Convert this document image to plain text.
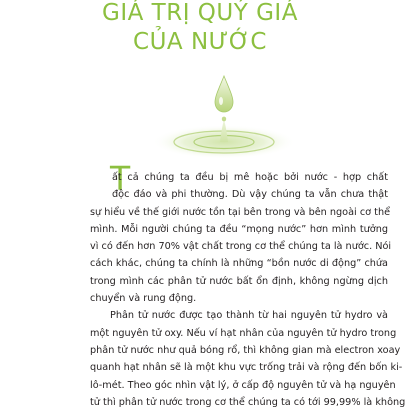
GIÁ TRỊ QUÝ GIÁ
CỦA NƯỚC
T

ất cả chúng ta đều bị mê hoặc bởi nước - hợp chất
độc đáo và phi thường. Dù vậy chúng ta vẫn chưa thật
sự hiểu về thế giới nước tồn tại bên trong và bên ngoài cơ thể
mình. Mỗi người chúng ta đều “mọng nước” hơn mình tưởng
vì có đến hơn 70% vật chất trong cơ thể chúng ta là nước. Nói
cách khác, chúng ta chính là những “bồn nước di động” chứa
trong mình các phân tử nước bất ổn định, không ngừng dịch
chuyển và rung động.

Phân tử nước được tạo thành từ hai nguyên tử hydro và
một nguyên tử oxy. Nếu ví hạt nhân của nguyên tử hydro trong
phân tử nước như quả bóng rổ, thì không gian mà electron xoay
quanh hạt nhân sẽ là một khu vực trống trải và rộng đến bốn ki-
lô-mét. Theo góc nhìn vật lý, ở cấp độ nguyên tử và hạ nguyên
tử thì phân tử nước trong cơ thể chúng ta có tới 99,99% là không
